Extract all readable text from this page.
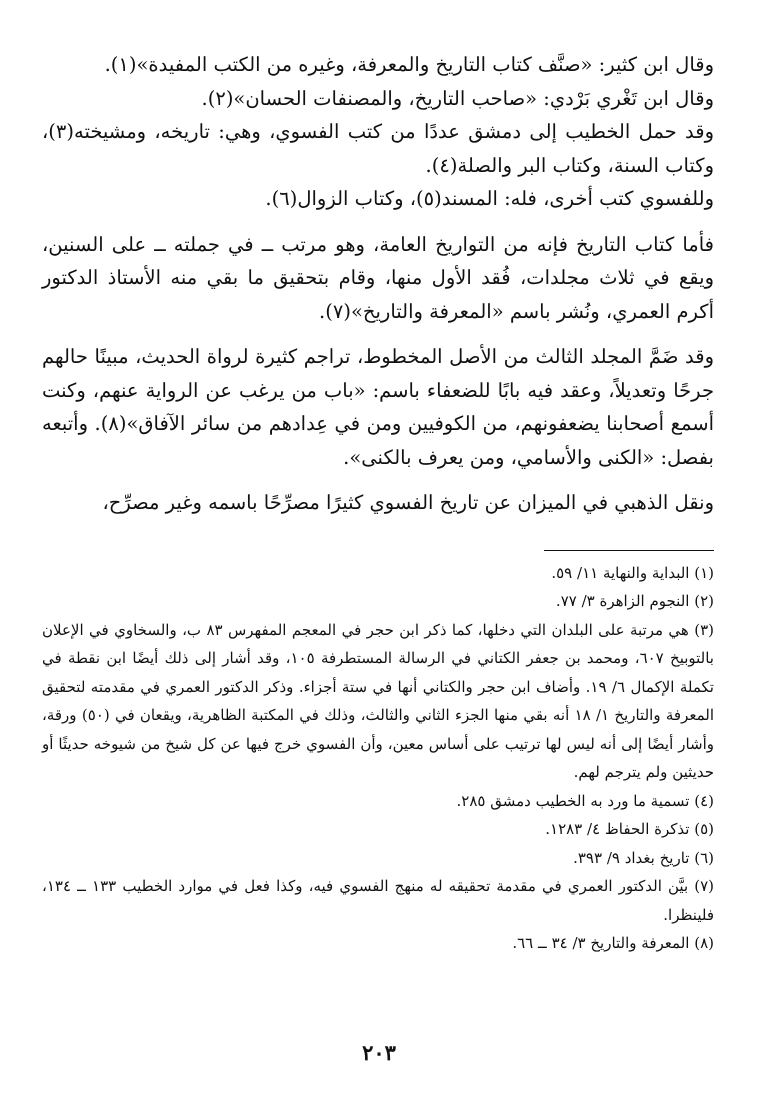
وقال ابن كثير: «صنَّف كتاب التاريخ والمعرفة، وغيره من الكتب المفيدة»(١).

وقال ابن تَغْري بَرْدي: «صاحب التاريخ، والمصنفات الحسان»(٢).

وقد حمل الخطيب إلى دمشق عددًا من كتب الفسوي، وهي: تاريخه، ومشيخته(٣)، وكتاب السنة، وكتاب البر والصلة(٤).

وللفسوي كتب أخرى، فله: المسند(٥)، وكتاب الزوال(٦).

فأما كتاب التاريخ فإنه من التواريخ العامة، وهو مرتب ــ في جملته ــ على السنين، ويقع في ثلاث مجلدات، فُقد الأول منها، وقام بتحقيق ما بقي منه الأستاذ الدكتور أكرم العمري، ونُشر باسم «المعرفة والتاريخ»(٧).

وقد ضَمَّ المجلد الثالث من الأصل المخطوط، تراجم كثيرة لرواة الحديث، مبينًا حالهم جرحًا وتعديلاً، وعقد فيه بابًا للضعفاء باسم: «باب من يرغب عن الرواية عنهم، وكنت أسمع أصحابنا يضعفونهم، من الكوفيين ومن في عِدادهم من سائر الآفاق»(٨). وأتبعه بفصل: «الكنى والأسامي، ومن يعرف بالكنى».

ونقل الذهبي في الميزان عن تاريخ الفسوي كثيرًا مصرِّحًا باسمه وغير مصرِّح،

(١) البداية والنهاية ١١/ ٥٩.

(٢) النجوم الزاهرة ٣/ ٧٧.

(٣) هي مرتبة على البلدان التي دخلها، كما ذكر ابن حجر في المعجم المفهرس ٨٣ ب، والسخاوي في الإعلان بالتوبيخ ٦٠٧، ومحمد بن جعفر الكتاني في الرسالة المستطرفة ١٠٥، وقد أشار إلى ذلك أيضًا ابن نقطة في تكملة الإكمال ٦/ ١٩. وأضاف ابن حجر والكتاني أنها في ستة أجزاء. وذكر الدكتور العمري في مقدمته لتحقيق المعرفة والتاريخ ١/ ١٨ أنه بقي منها الجزء الثاني والثالث، وذلك في المكتبة الظاهرية، ويقعان في (٥٠) ورقة، وأشار أيضًا إلى أنه ليس لها ترتيب على أساس معين، وأن الفسوي خرج فيها عن كل شيخ من شيوخه حديثًا أو حديثين ولم يترجم لهم.

(٤) تسمية ما ورد به الخطيب دمشق ٢٨٥.

(٥) تذكرة الحفاظ ٤/ ١٢٨٣.

(٦) تاريخ بغداد ٩/ ٣٩٣.

(٧) بيَّن الدكتور العمري في مقدمة تحقيقه له منهج الفسوي فيه، وكذا فعل في موارد الخطيب ١٣٣ ــ ١٣٤، فلينظرا.

(٨) المعرفة والتاريخ ٣/ ٣٤ ــ ٦٦.

٢٠٣
